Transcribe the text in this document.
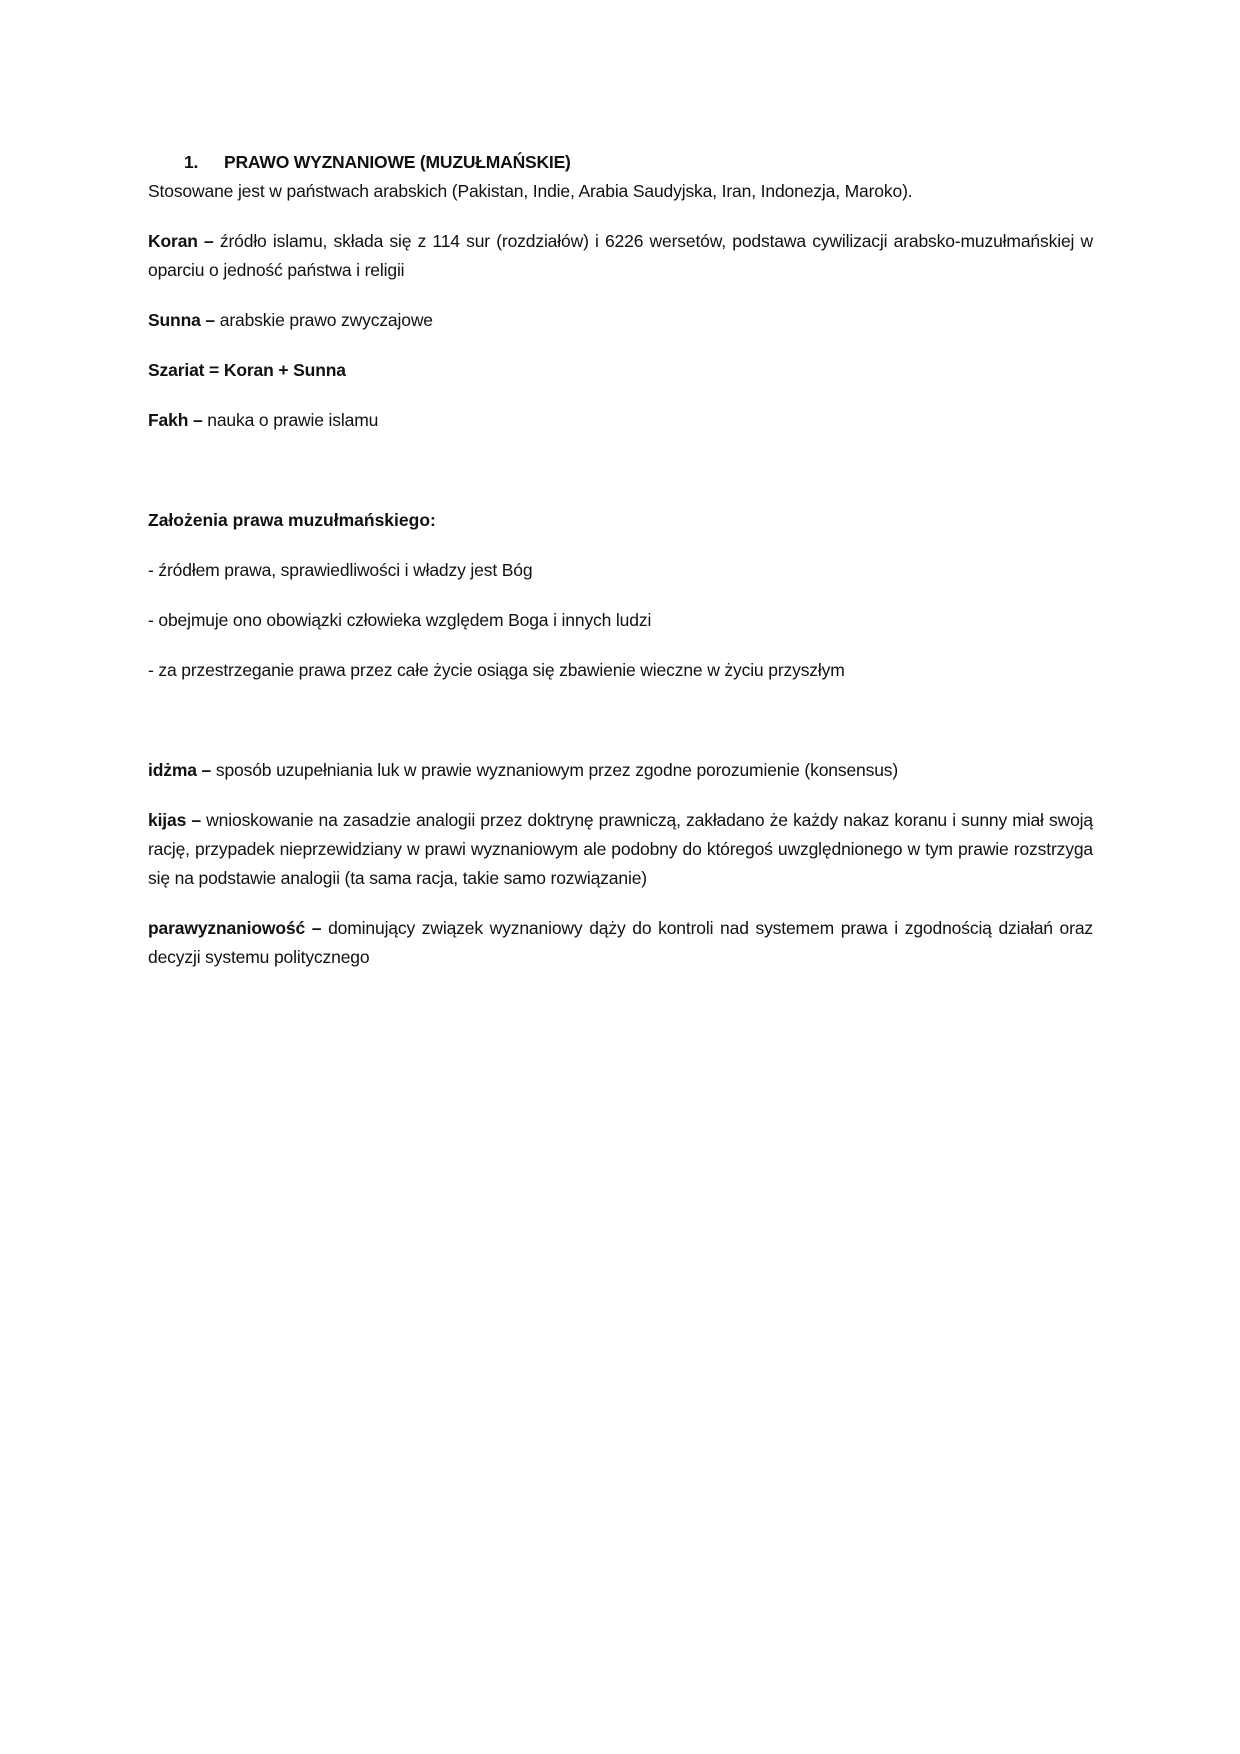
1.	PRAWO WYZNANIOWE (MUZUŁMAŃSKIE)

Stosowane jest w państwach arabskich (Pakistan, Indie, Arabia Saudyjska, Iran, Indonezja, Maroko).

Koran – źródło islamu, składa się z 114 sur (rozdziałów) i 6226 wersetów, podstawa cywilizacji arabsko-muzułmańskiej w oparciu o jedność państwa i religii

Sunna – arabskie prawo zwyczajowe

Szariat = Koran + Sunna

Fakh – nauka o prawie islamu

Założenia prawa muzułmańskiego:

- źródłem prawa, sprawiedliwości i władzy jest Bóg

- obejmuje ono obowiązki człowieka względem Boga i innych ludzi

- za przestrzeganie prawa przez całe życie osiąga się zbawienie wieczne w życiu przyszłym

idżma – sposób uzupełniania luk w prawie wyznaniowym przez zgodne porozumienie (konsensus)

kijas – wnioskowanie na zasadzie analogii przez doktrynę prawniczą, zakładano że każdy nakaz koranu i sunny miał swoją rację, przypadek nieprzewidziany w prawi wyznaniowym ale podobny do któregoś uwzględnionego w tym prawie rozstrzyga się na podstawie analogii (ta sama racja, takie samo rozwiązanie)

parawyznaniowość – dominujący związek wyznaniowy dąży do kontroli nad systemem prawa i zgodnością działań oraz decyzji systemu politycznego
